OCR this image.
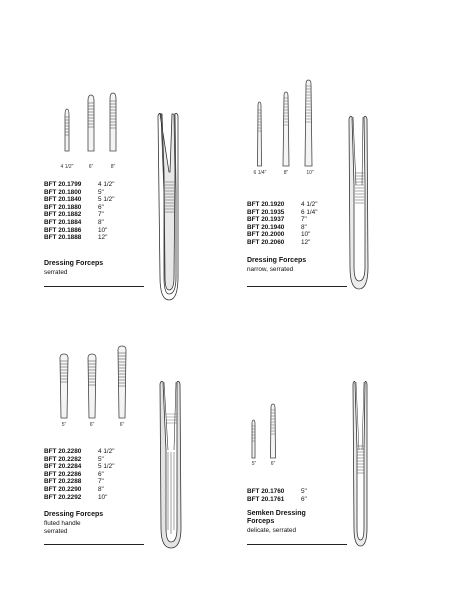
4 1/2"	6"	8"
BFT 20.1799	4 1/2"
BFT 20.1800	5"
BFT 20.1840	5 1/2"
BFT 20.1880	6"
BFT 20.1882	7"
BFT 20.1884	8"
BFT 20.1886	10"
BFT 20.1888	12"
Dressing Forceps
serrated
6 1/4"	8"	10"
BFT 20.1920	4 1/2"
BFT 20.1935	6 1/4"
BFT 20.1937	7"
BFT 20.1940	8"
BFT 20.2000	10"
BFT 20.2060	12"
Dressing Forceps
narrow, serrated
5"	6"	6"
BFT 20.2280	4 1/2"
BFT 20.2282	5"
BFT 20.2284	5 1/2"
BFT 20.2286	6"
BFT 20.2288	7"
BFT 20.2290	8"
BFT 20.2292	10"
Dressing Forceps
fluted handle
serrated
5"	6"
BFT 20.1760	5"
BFT 20.1761	6"
Semken Dressing
Forceps
delicate, serrated
